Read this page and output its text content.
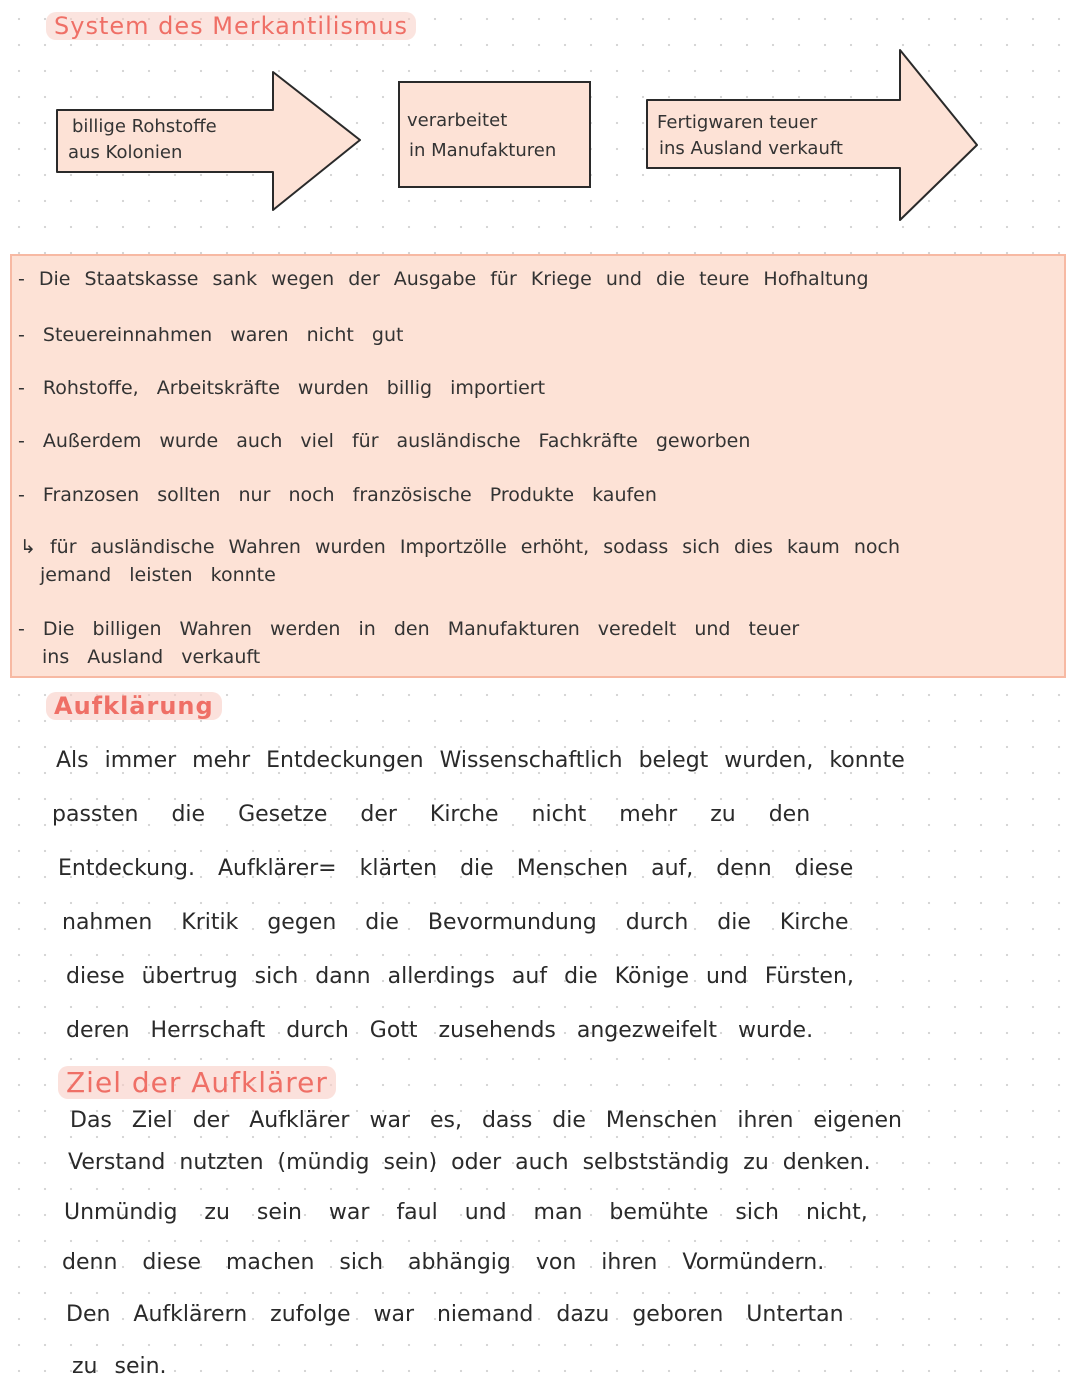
System des Merkantilismus
billige Rohstoffe
aus Kolonien
verarbeitet
in Manufakturen
Fertigwaren teuer
ins Ausland verkauft
- Die Staatskasse sank wegen der Ausgabe für Kriege und die teure Hofhaltung
- Steuereinnahmen waren nicht gut
- Rohstoffe, Arbeitskräfte wurden billig importiert
- Außerdem wurde auch viel für ausländische Fachkräfte geworben
- Franzosen sollten nur noch französische Produkte kaufen
↳ für ausländische Wahren wurden Importzölle erhöht, sodass sich dies kaum noch
jemand leisten konnte
- Die billigen Wahren werden in den Manufakturen veredelt und teuer
ins Ausland verkauft
Aufklärung
Als immer mehr Entdeckungen Wissenschaftlich belegt wurden, konnte
passten die Gesetze der Kirche nicht mehr zu den
Entdeckung. Aufklärer= klärten die Menschen auf, denn diese
nahmen Kritik gegen die Bevormundung durch die Kirche
diese übertrug sich dann allerdings auf die Könige und Fürsten,
deren Herrschaft durch Gott zusehends angezweifelt wurde.
Ziel der Aufklärer
Das Ziel der Aufklärer war es, dass die Menschen ihren eigenen
Verstand nutzten (mündig sein) oder auch selbstständig zu denken.
Unmündig zu sein war faul und man bemühte sich nicht,
denn diese machen sich abhängig von ihren Vormündern.
Den Aufklärern zufolge war niemand dazu geboren Untertan
zu sein.
